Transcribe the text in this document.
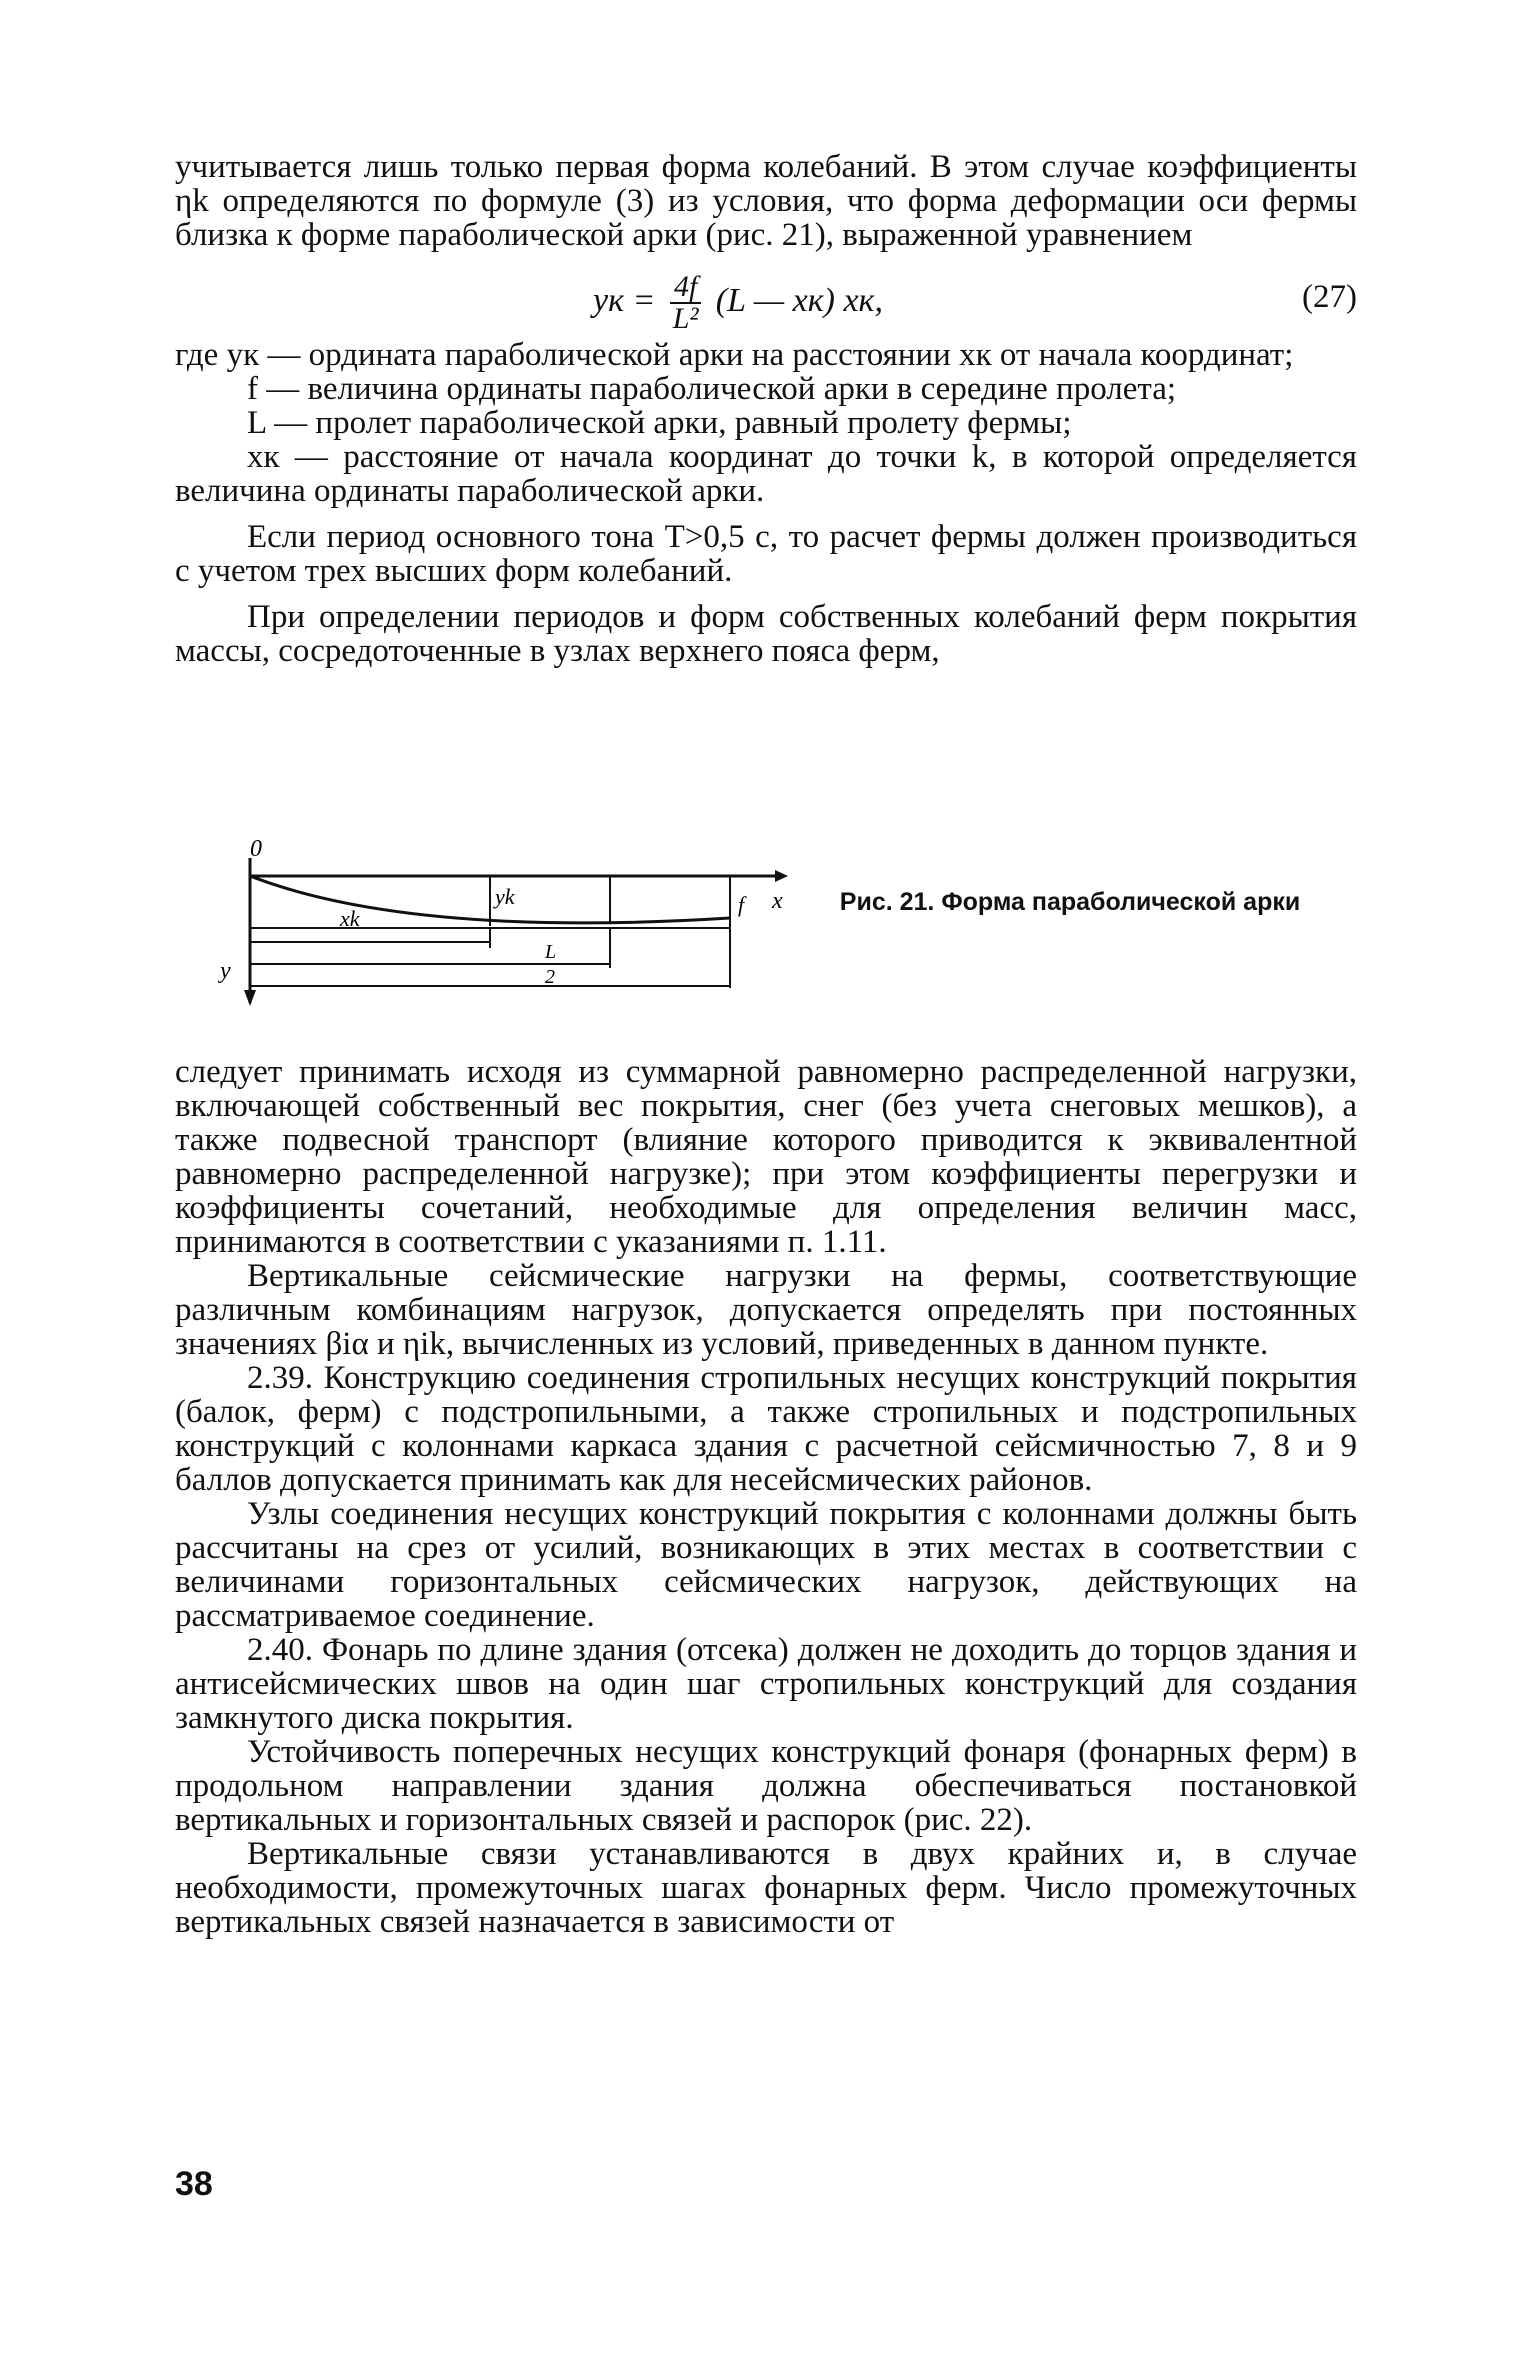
учитывается лишь только первая форма колебаний. В этом случае коэффициенты ηk определяются по формуле (3) из условия, что форма деформации оси фермы близка к форме параболической арки (рис. 21), выраженной уравнением

yк = $\frac{4f}{\text{L²}} (L$ — xк) xк,	(27)

где yк — ордината параболической арки на расстоянии xк от начала координат;

f — величина ординаты параболической арки в середине пролета;

L — пролет параболической арки, равный пролету фермы;

xк — расстояние от начала координат до точки k, в которой определяется величина ординаты параболической арки.

Если период основного тона T>0,5 с, то расчет фермы должен производиться с учетом трех высших форм колебаний.

При определении периодов и форм собственных колебаний ферм покрытия массы, сосредоточенные в узлах верхнего пояса ферм,

0
x
y
xk
yk	f
L
2
Рис. 21. Форма параболической арки

следует принимать исходя из суммарной равномерно распределенной нагрузки, включающей собственный вес покрытия, снег (без учета снеговых мешков), а также подвесной транспорт (влияние которого приводится к эквивалентной равномерно распределенной нагрузке); при этом коэффициенты перегрузки и коэффициенты сочетаний, необходимые для определения величин масс, принимаются в соответствии с указаниями п. 1.11.

Вертикальные сейсмические нагрузки на фермы, соответствующие различным комбинациям нагрузок, допускается определять при постоянных значениях βiα и ηik, вычисленных из условий, приведенных в данном пункте.

2.39. Конструкцию соединения стропильных несущих конструкций покрытия (балок, ферм) с подстропильными, а также стропильных и подстропильных конструкций с колоннами каркаса здания с расчетной сейсмичностью 7, 8 и 9 баллов допускается принимать как для несейсмических районов.

Узлы соединения несущих конструкций покрытия с колоннами должны быть рассчитаны на срез от усилий, возникающих в этих местах в соответствии с величинами горизонтальных сейсмических нагрузок, действующих на рассматриваемое соединение.

2.40. Фонарь по длине здания (отсека) должен не доходить до торцов здания и антисейсмических швов на один шаг стропильных конструкций для создания замкнутого диска покрытия.

Устойчивость поперечных несущих конструкций фонаря (фонарных ферм) в продольном направлении здания должна обеспечиваться постановкой вертикальных и горизонтальных связей и распорок (рис. 22).

Вертикальные связи устанавливаются в двух крайних и, в случае необходимости, промежуточных шагах фонарных ферм. Число промежуточных вертикальных связей назначается в зависимости от

38
